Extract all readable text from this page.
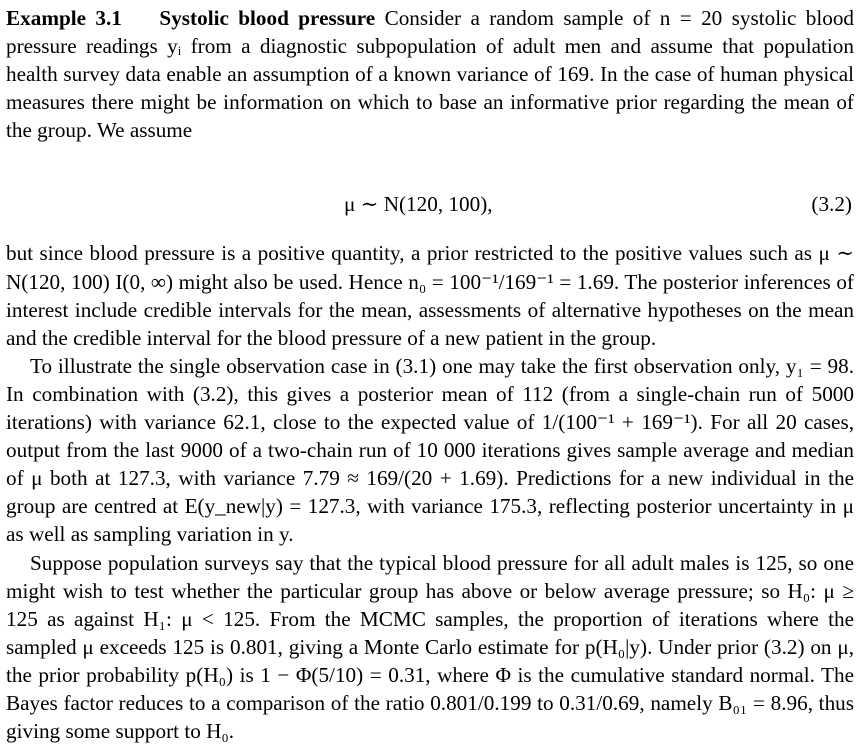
Example 3.1 Systolic blood pressure Consider a random sample of n = 20 systolic blood pressure readings yᵢ from a diagnostic subpopulation of adult men and assume that population health survey data enable an assumption of a known variance of 169. In the case of human physical measures there might be information on which to base an informative prior regarding the mean of the group. We assume

μ ∼ N(120, 100),	(3.2)

but since blood pressure is a positive quantity, a prior restricted to the positive values such as μ ∼ N(120, 100) I(0, ∞) might also be used. Hence n₀ = 100⁻¹/169⁻¹ = 1.69. The posterior inferences of interest include credible intervals for the mean, assessments of alternative hypotheses on the mean and the credible interval for the blood pressure of a new patient in the group.

To illustrate the single observation case in (3.1) one may take the first observation only, y₁ = 98. In combination with (3.2), this gives a posterior mean of 112 (from a single-chain run of 5000 iterations) with variance 62.1, close to the expected value of 1/(100⁻¹ + 169⁻¹). For all 20 cases, output from the last 9000 of a two-chain run of 10 000 iterations gives sample average and median of μ both at 127.3, with variance 7.79 ≈ 169/(20 + 1.69). Predictions for a new individual in the group are centred at E(y_new|y) = 127.3, with variance 175.3, reflecting posterior uncertainty in μ as well as sampling variation in y.

Suppose population surveys say that the typical blood pressure for all adult males is 125, so one might wish to test whether the particular group has above or below average pressure; so H₀: μ ≥ 125 as against H₁: μ < 125. From the MCMC samples, the proportion of iterations where the sampled μ exceeds 125 is 0.801, giving a Monte Carlo estimate for p(H₀|y). Under prior (3.2) on μ, the prior probability p(H₀) is 1 − Φ(5/10) = 0.31, where Φ is the cumulative standard normal. The Bayes factor reduces to a comparison of the ratio 0.801/0.199 to 0.31/0.69, namely B₀₁ = 8.96, thus giving some support to H₀.
